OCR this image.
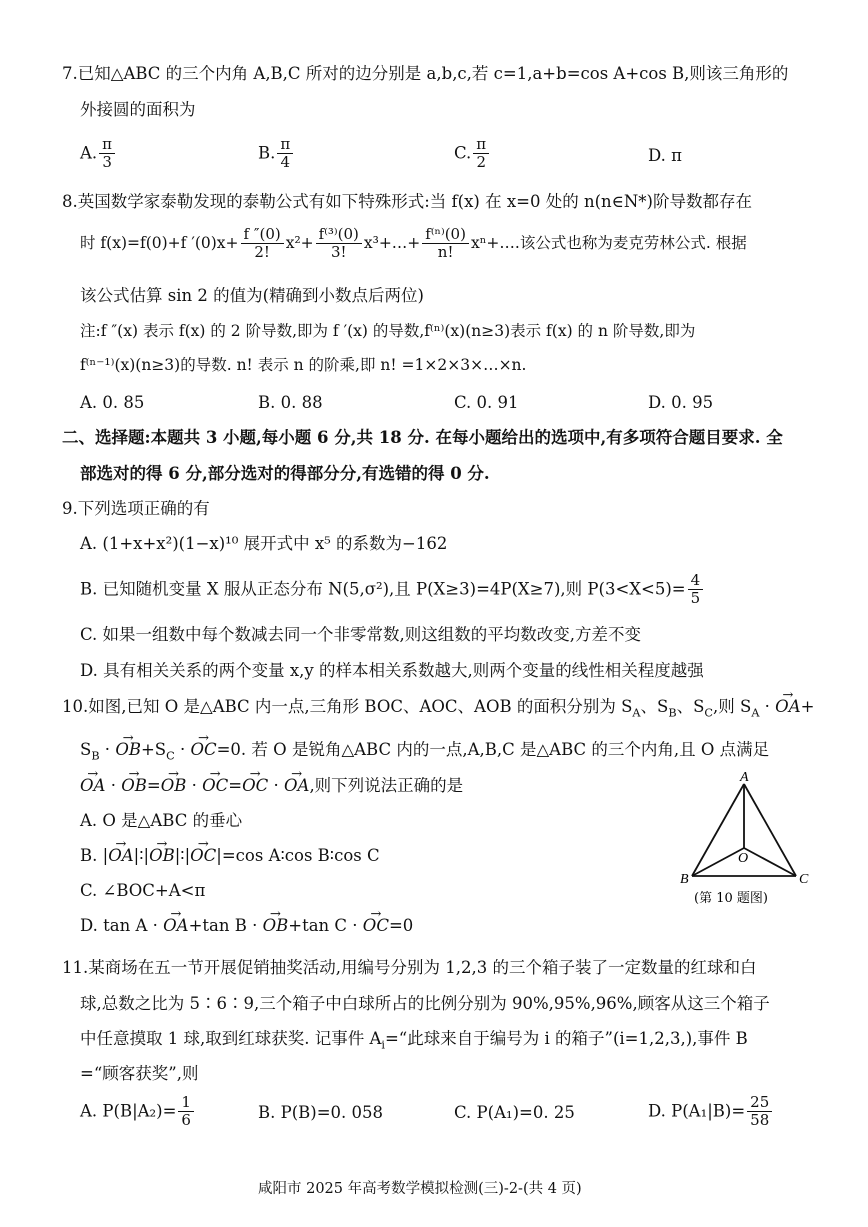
7.已知△ABC 的三个内角 A,B,C 所对的边分别是 a,b,c,若 c=1,a+b=cos A+cos B,则该三角形的
外接圆的面积为
A. $\frac{\pi}{3}$	B. $\frac{\pi}{4}$	C. $\frac{\pi}{2}$	D. π
8.英国数学家泰勒发现的泰勒公式有如下特殊形式:当 f(x) 在 x=0 处的 n(n∈N*)阶导数都存在
时 f(x)=f(0)+f $'(0)x+ \frac{f ''(0)}{2!} x^2+ \frac{\text{f⁽³⁾(0)}}{3!}$ x³+…+ $\frac{\text{f⁽ⁿ⁾(0)}}{n!}$ xⁿ+….该公式也称为麦克劳林公式. 根据
该公式估算 sin 2 的值为(精确到小数点后两位)
注:f ″(x) 表示 f(x) 的 2 阶导数,即为 f ′(x) 的导数,f⁽ⁿ⁾(x)(n≥3)表示 f(x) 的 n 阶导数,即为
f⁽ⁿ⁻¹⁾(x)(n≥3)的导数. n! 表示 n 的阶乘,即 n! =1×2×3×…×n.
A. 0. 85	B. 0. 88	C. 0. 91	D. 0. 95
二、选择题:本题共 3 小题,每小题 6 分,共 18 分. 在每小题给出的选项中,有多项符合题目要求. 全
部选对的得 6 分,部分选对的得部分分,有选错的得 0 分.
9.下列选项正确的有
A. (1+x+x²)(1−x)¹⁰ 展开式中 x⁵ 的系数为−162
B. 已知随机变量 X 服从正态分布 N(5,σ²),且 P(X≥3)=4P(X≥7),则 $P(3<X<5)= \frac{4}{5}$
C. 如果一组数中每个数减去同一个非零常数,则这组数的平均数改变,方差不变
D. 具有相关关系的两个变量 x,y 的样本相关系数越大,则两个变量的线性相关程度越强
10.如图,已知 O 是△ABC 内一点,三角形 BOC、AOC、AOB 的面积分别为 $S_A$、$S_B$、$S_C$,则 $S_A$ · → OA+
$S_B$ · → $OB+S_C$ · → OC=0. 若 O 是锐角△ABC 内的一点,A,B,C 是△ABC 的三个内角,且 O 点满足
→ OA · → OB=→ OB · → OC=→ OC · → OA,则下列说法正确的是
A. O 是△ABC 的垂心
B. |→ OA|∶|→ OB|∶|→ OC|=cos A∶cos B∶cos C
C. ∠BOC+A<π
D. tan A · → OA+tan B · → OB+tan C · → OC=0
A
B	C
O
(第 10 题图)
11.某商场在五一节开展促销抽奖活动,用编号分别为 1,2,3 的三个箱子装了一定数量的红球和白
球,总数之比为 5∶6∶9,三个箱子中白球所占的比例分别为 90%,95%,96%,顾客从这三个箱子
中任意摸取 1 球,取到红球获奖. 记事件 $A_i=“$此球来自于编号为 i 的箱子”(i=1,2,3,),事件 B
=“顾客获奖”,则
A. $P(B|A_2)= \frac{1}{6}$	B. P(B)=0. 058	C. P(A₁)=0. 25	D. $P(A_1|B)= \frac{25}{58}$
咸阳市 2025 年高考数学模拟检测(三)-2-(共 4 页)
